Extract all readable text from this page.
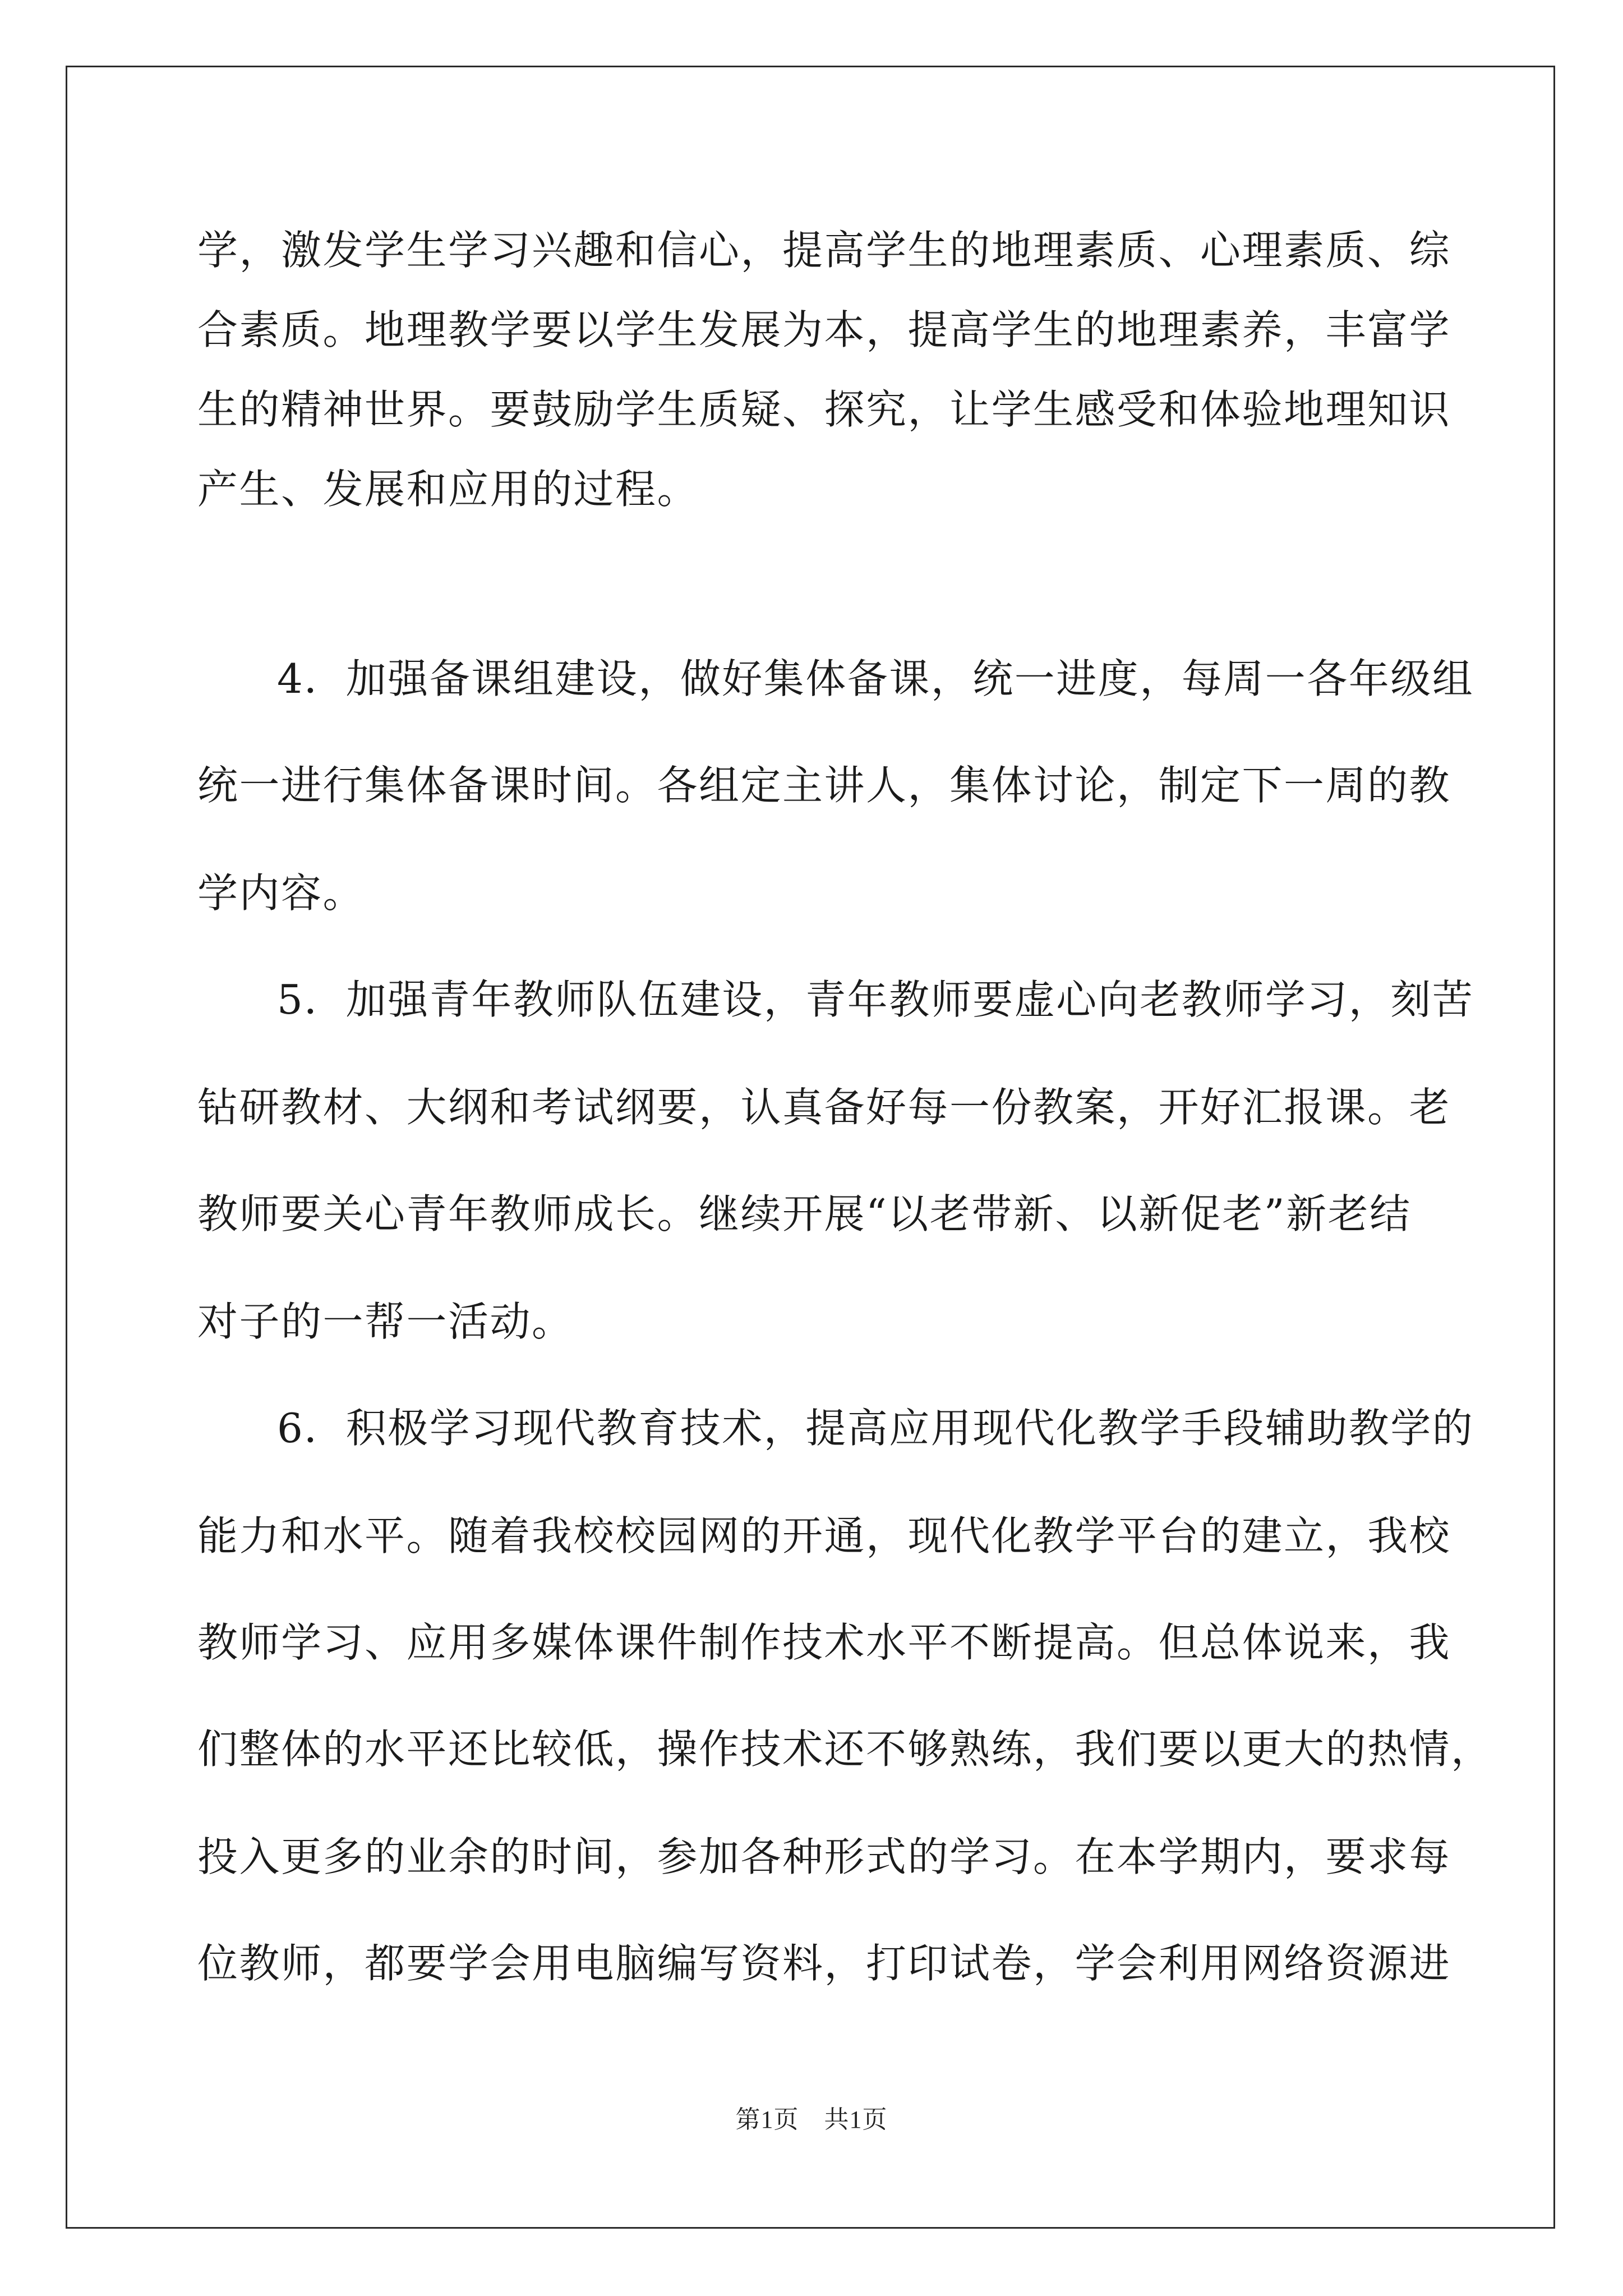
学，激发学生学习兴趣和信心，提高学生的地理素质、心理素质、综
合素质。地理教学要以学生发展为本，提高学生的地理素养，丰富学
生的精神世界。要鼓励学生质疑、探究，让学生感受和体验地理知识
产生、发展和应用的过程。
4．加强备课组建设，做好集体备课，统一进度，每周一各年级组
统一进行集体备课时间。各组定主讲人，集体讨论，制定下一周的教
学内容。
5．加强青年教师队伍建设，青年教师要虚心向老教师学习，刻苦
钻研教材、大纲和考试纲要，认真备好每一份教案，开好汇报课。老
教师要关心青年教师成长。继续开展“以老带新、以新促老”新老结
对子的一帮一活动。
6．积极学习现代教育技术，提高应用现代化教学手段辅助教学的
能力和水平。随着我校校园网的开通，现代化教学平台的建立，我校
教师学习、应用多媒体课件制作技术水平不断提高。但总体说来，我
们整体的水平还比较低，操作技术还不够熟练，我们要以更大的热情，
投入更多的业余的时间，参加各种形式的学习。在本学期内，要求每
位教师，都要学会用电脑编写资料，打印试卷，学会利用网络资源进
第1页　共1页
